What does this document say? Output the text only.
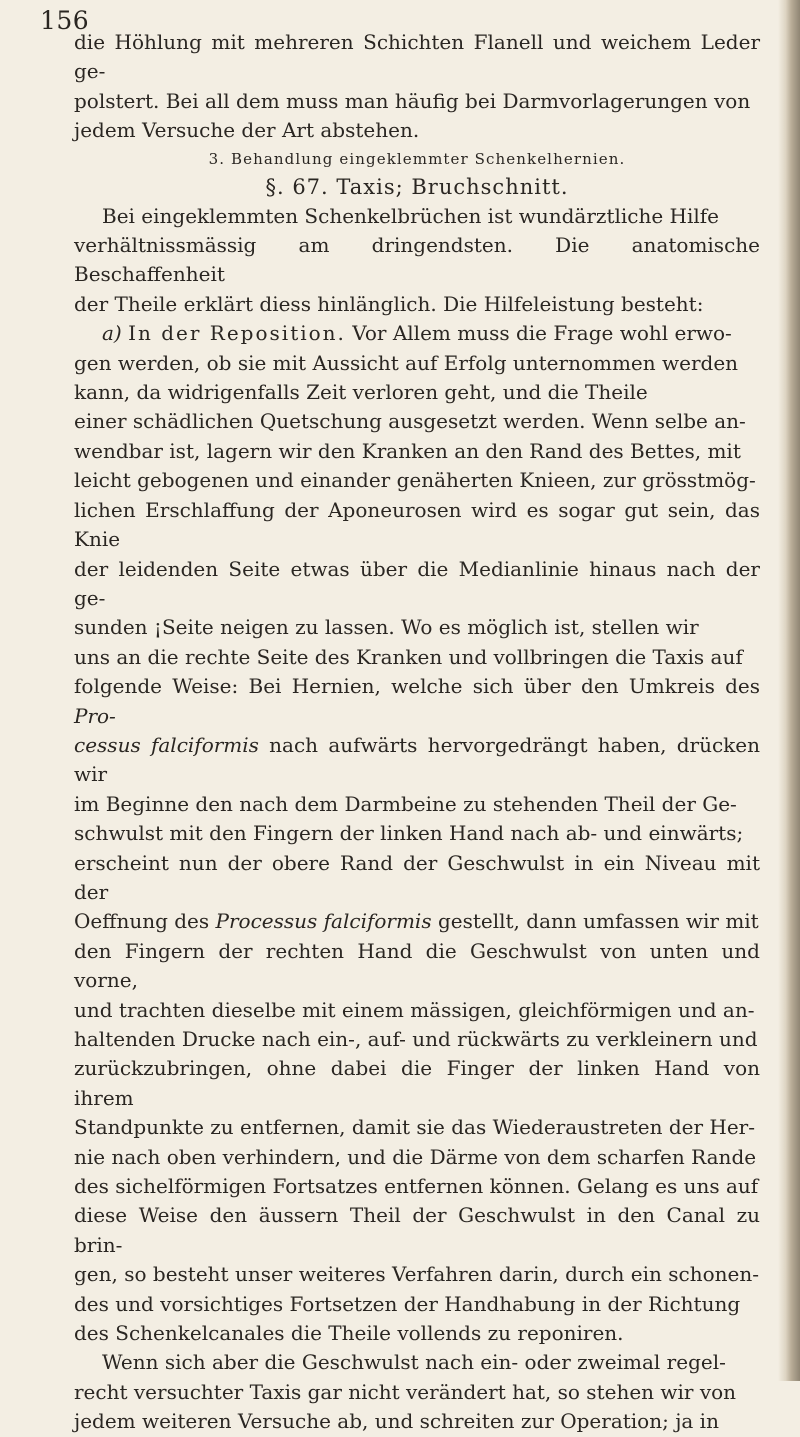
156

die Höhlung mit mehreren Schichten Flanell und weichem Leder ge-
polstert. Bei all dem muss man häufig bei Darmvorlagerungen von
jedem Versuche der Art abstehen.

3. Behandlung eingeklemmter Schenkelhernien.

§. 67. Taxis; Bruchschnitt.

Bei eingeklemmten Schenkelbrüchen ist wundärztliche Hilfe
verhältnissmässig am dringendsten. Die anatomische Beschaffenheit
der Theile erklärt diess hinlänglich. Die Hilfeleistung besteht:

a) In der Reposition. Vor Allem muss die Frage wohl erwo-
gen werden, ob sie mit Aussicht auf Erfolg unternommen werden
kann, da widrigenfalls Zeit verloren geht, und die Theile
einer schädlichen Quetschung ausgesetzt werden. Wenn selbe an-
wendbar ist, lagern wir den Kranken an den Rand des Bettes, mit
leicht gebogenen und einander genäherten Knieen, zur grösstmög-
lichen Erschlaffung der Aponeurosen wird es sogar gut sein, das Knie
der leidenden Seite etwas über die Medianlinie hinaus nach der ge-
sunden ¡Seite neigen zu lassen. Wo es möglich ist, stellen wir
uns an die rechte Seite des Kranken und vollbringen die Taxis auf
folgende Weise: Bei Hernien, welche sich über den Umkreis des Pro-
cessus falciformis nach aufwärts hervorgedrängt haben, drücken wir
im Beginne den nach dem Darmbeine zu stehenden Theil der Ge-
schwulst mit den Fingern der linken Hand nach ab- und einwärts;
erscheint nun der obere Rand der Geschwulst in ein Niveau mit der
Oeffnung des Processus falciformis gestellt, dann umfassen wir mit
den Fingern der rechten Hand die Geschwulst von unten und vorne,
und trachten dieselbe mit einem mässigen, gleichförmigen und an-
haltenden Drucke nach ein-, auf- und rückwärts zu verkleinern und
zurückzubringen, ohne dabei die Finger der linken Hand von ihrem
Standpunkte zu entfernen, damit sie das Wiederaustreten der Her-
nie nach oben verhindern, und die Därme von dem scharfen Rande
des sichelförmigen Fortsatzes entfernen können. Gelang es uns auf
diese Weise den äussern Theil der Geschwulst in den Canal zu brin-
gen, so besteht unser weiteres Verfahren darin, durch ein schonen-
des und vorsichtiges Fortsetzen der Handhabung in der Richtung
des Schenkelcanales die Theile vollends zu reponiren.

Wenn sich aber die Geschwulst nach ein- oder zweimal regel-
recht versuchter Taxis gar nicht verändert hat, so stehen wir von
jedem weiteren Versuche ab, und schreiten zur Operation; ja in
